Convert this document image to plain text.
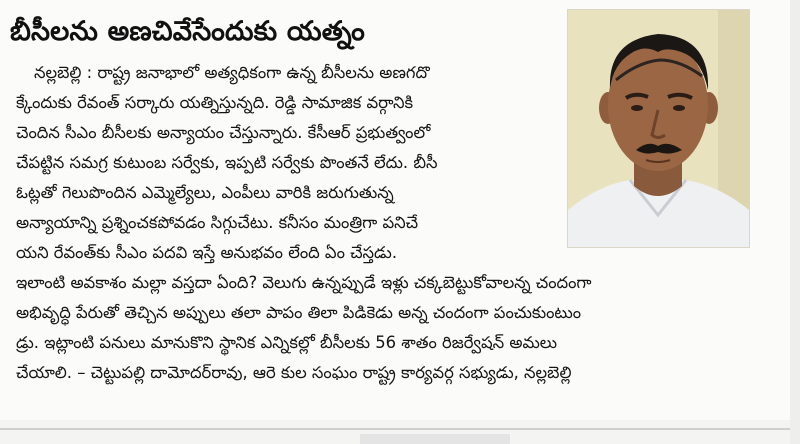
బీసీలను అణచివేసేందుకు యత్నం
నల్లబెల్లి : రాష్ట్ర జనాభాలో అత్యధికంగా ఉన్న బీసీలను అణగదొ
క్కేందుకు రేవంత్ సర్కారు యత్నిస్తున్నది. రెడ్డి సామాజిక వర్గానికి
చెందిన సీఎం బీసీలకు అన్యాయం చేస్తున్నారు. కేసీఆర్ ప్రభుత్వంలో
చేపట్టిన సమగ్ర కుటుంబ సర్వేకు, ఇప్పటి సర్వేకు పొంతనే లేదు. బీసీ
ఓట్లతో గెలుపొందిన ఎమ్మెల్యేలు, ఎంపీలు వారికి జరుగుతున్న
అన్యాయాన్ని ప్రశ్నించకపోవడం సిగ్గుచేటు. కనీసం మంత్రిగా పనిచే
యని రేవంత్‌కు సీఎం పదవి ఇస్తే అనుభవం లేంది ఏం చేస్తడు.
ఇలాంటి అవకాశం మల్లా వస్తదా ఏంది? వెలుగు ఉన్నప్పుడే ఇళ్లు చక్కబెట్టుకోవాలన్న చందంగా
అభివృద్ధి పేరుతో తెచ్చిన అప్పులు తలా పాపం తిలా పిడికెడు అన్న చందంగా పంచుకుంటుం
డ్రు. ఇట్లాంటి పనులు మానుకొని స్థానిక ఎన్నికల్లో బీసీలకు 56 శాతం రిజర్వేషన్ అమలు
చేయాలి. – చెట్టుపల్లి దామోదర్‌రావు, ఆరె కుల సంఘం రాష్ట్ర కార్యవర్గ సభ్యుడు, నల్లబెల్లి
